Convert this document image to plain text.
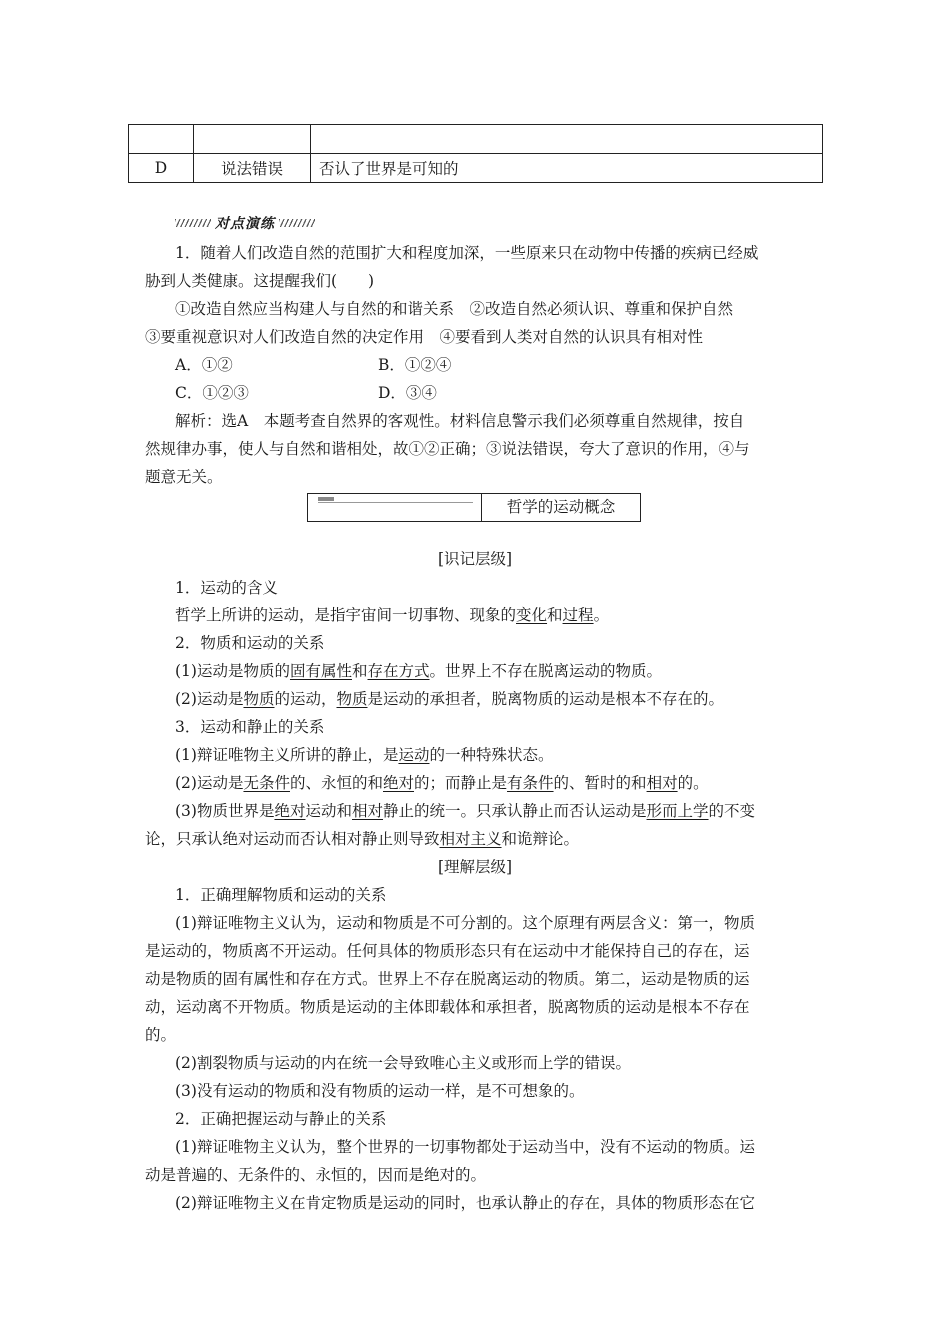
D	说法错误	否认了世界是可知的
对点演练
1．随着人们改造自然的范围扩大和程度加深，一些原来只在动物中传播的疾病已经威
胁到人类健康。这提醒我们(　　)
①改造自然应当构建人与自然的和谐关系　②改造自然必须认识、尊重和保护自然
③要重视意识对人们改造自然的决定作用　④要看到人类对自然的认识具有相对性
A．①②	B．①②④
C．①②③	D．③④
解析：选A　本题考查自然界的客观性。材料信息警示我们必须尊重自然规律，按自
然规律办事，使人与自然和谐相处，故①②正确；③说法错误，夸大了意识的作用，④与
题意无关。
哲学的运动概念
[识记层级]
1．运动的含义
哲学上所讲的运动，是指宇宙间一切事物、现象的变化和过程。
2．物质和运动的关系
(1)运动是物质的固有属性和存在方式。世界上不存在脱离运动的物质。
(2)运动是物质的运动，物质是运动的承担者，脱离物质的运动是根本不存在的。
3．运动和静止的关系
(1)辩证唯物主义所讲的静止，是运动的一种特殊状态。
(2)运动是无条件的、永恒的和绝对的；而静止是有条件的、暂时的和相对的。
(3)物质世界是绝对运动和相对静止的统一。只承认静止而否认运动是形而上学的不变
论，只承认绝对运动而否认相对静止则导致相对主义和诡辩论。
[理解层级]
1．正确理解物质和运动的关系
(1)辩证唯物主义认为，运动和物质是不可分割的。这个原理有两层含义：第一，物质
是运动的，物质离不开运动。任何具体的物质形态只有在运动中才能保持自己的存在，运
动是物质的固有属性和存在方式。世界上不存在脱离运动的物质。第二，运动是物质的运
动，运动离不开物质。物质是运动的主体即载体和承担者，脱离物质的运动是根本不存在
的。
(2)割裂物质与运动的内在统一会导致唯心主义或形而上学的错误。
(3)没有运动的物质和没有物质的运动一样，是不可想象的。
2．正确把握运动与静止的关系
(1)辩证唯物主义认为，整个世界的一切事物都处于运动当中，没有不运动的物质。运
动是普遍的、无条件的、永恒的，因而是绝对的。
(2)辩证唯物主义在肯定物质是运动的同时，也承认静止的存在，具体的物质形态在它
